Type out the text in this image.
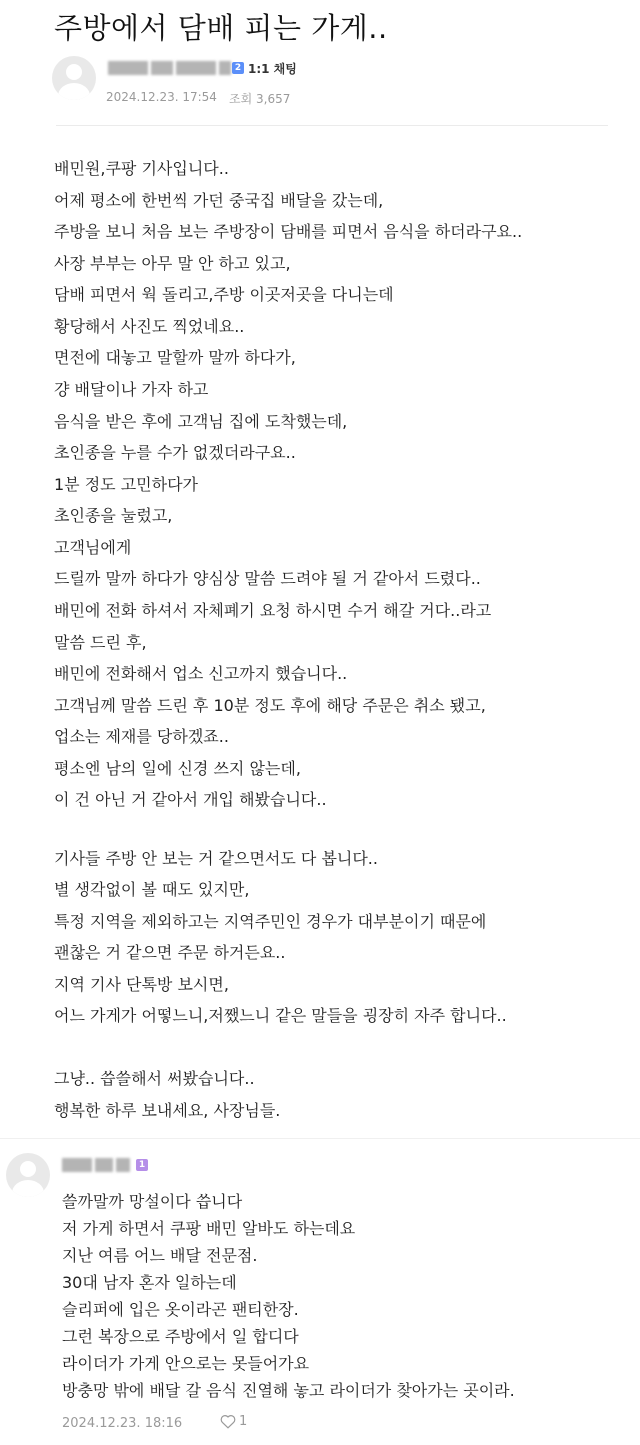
주방에서 담배 피는 가게..
2 1:1 채팅
2024.12.23. 17:54 조회 3,657
배민원,쿠팡 기사입니다..
어제 평소에 한번씩 가던 중국집 배달을 갔는데,
주방을 보니 처음 보는 주방장이 담배를 피면서 음식을 하더라구요..
사장 부부는 아무 말 안 하고 있고,
담배 피면서 웍 돌리고,주방 이곳저곳을 다니는데
황당해서 사진도 찍었네요..
면전에 대놓고 말할까 말까 하다가,
걍 배달이나 가자 하고
음식을 받은 후에 고객님 집에 도착했는데,
초인종을 누를 수가 없겠더라구요..
1분 정도 고민하다가
초인종을 눌렀고,
고객님에게
드릴까 말까 하다가 양심상 말씀 드려야 될 거 같아서 드렸다..
배민에 전화 하셔서 자체폐기 요청 하시면 수거 해갈 거다..라고
말씀 드린 후,
배민에 전화해서 업소 신고까지 했습니다..
고객님께 말씀 드린 후 10분 정도 후에 해당 주문은 취소 됐고,
업소는 제재를 당하겠죠..
평소엔 남의 일에 신경 쓰지 않는데,
이 건 아닌 거 같아서 개입 해봤습니다..
기사들 주방 안 보는 거 같으면서도 다 봅니다..
별 생각없이 볼 때도 있지만,
특정 지역을 제외하고는 지역주민인 경우가 대부분이기 때문에
괜찮은 거 같으면 주문 하거든요..
지역 기사 단톡방 보시면,
어느 가게가 어떻느니,저쨌느니 같은 말들을 굉장히 자주 합니다..
그냥.. 씁쓸해서 써봤습니다..
행복한 하루 보내세요, 사장님들.
1
쓸까말까 망설이다 씁니다
저 가게 하면서 쿠팡 배민 알바도 하는데요
지난 여름 어느 배달 전문점.
30대 남자 혼자 일하는데
슬리퍼에 입은 옷이라곤 팬티한장.
그런 복장으로 주방에서 일 합디다
라이더가 가게 안으로는 못들어가요
방충망 밖에 배달 갈 음식 진열해 놓고 라이더가 찾아가는 곳이라.
2024.12.23. 18:16	1
